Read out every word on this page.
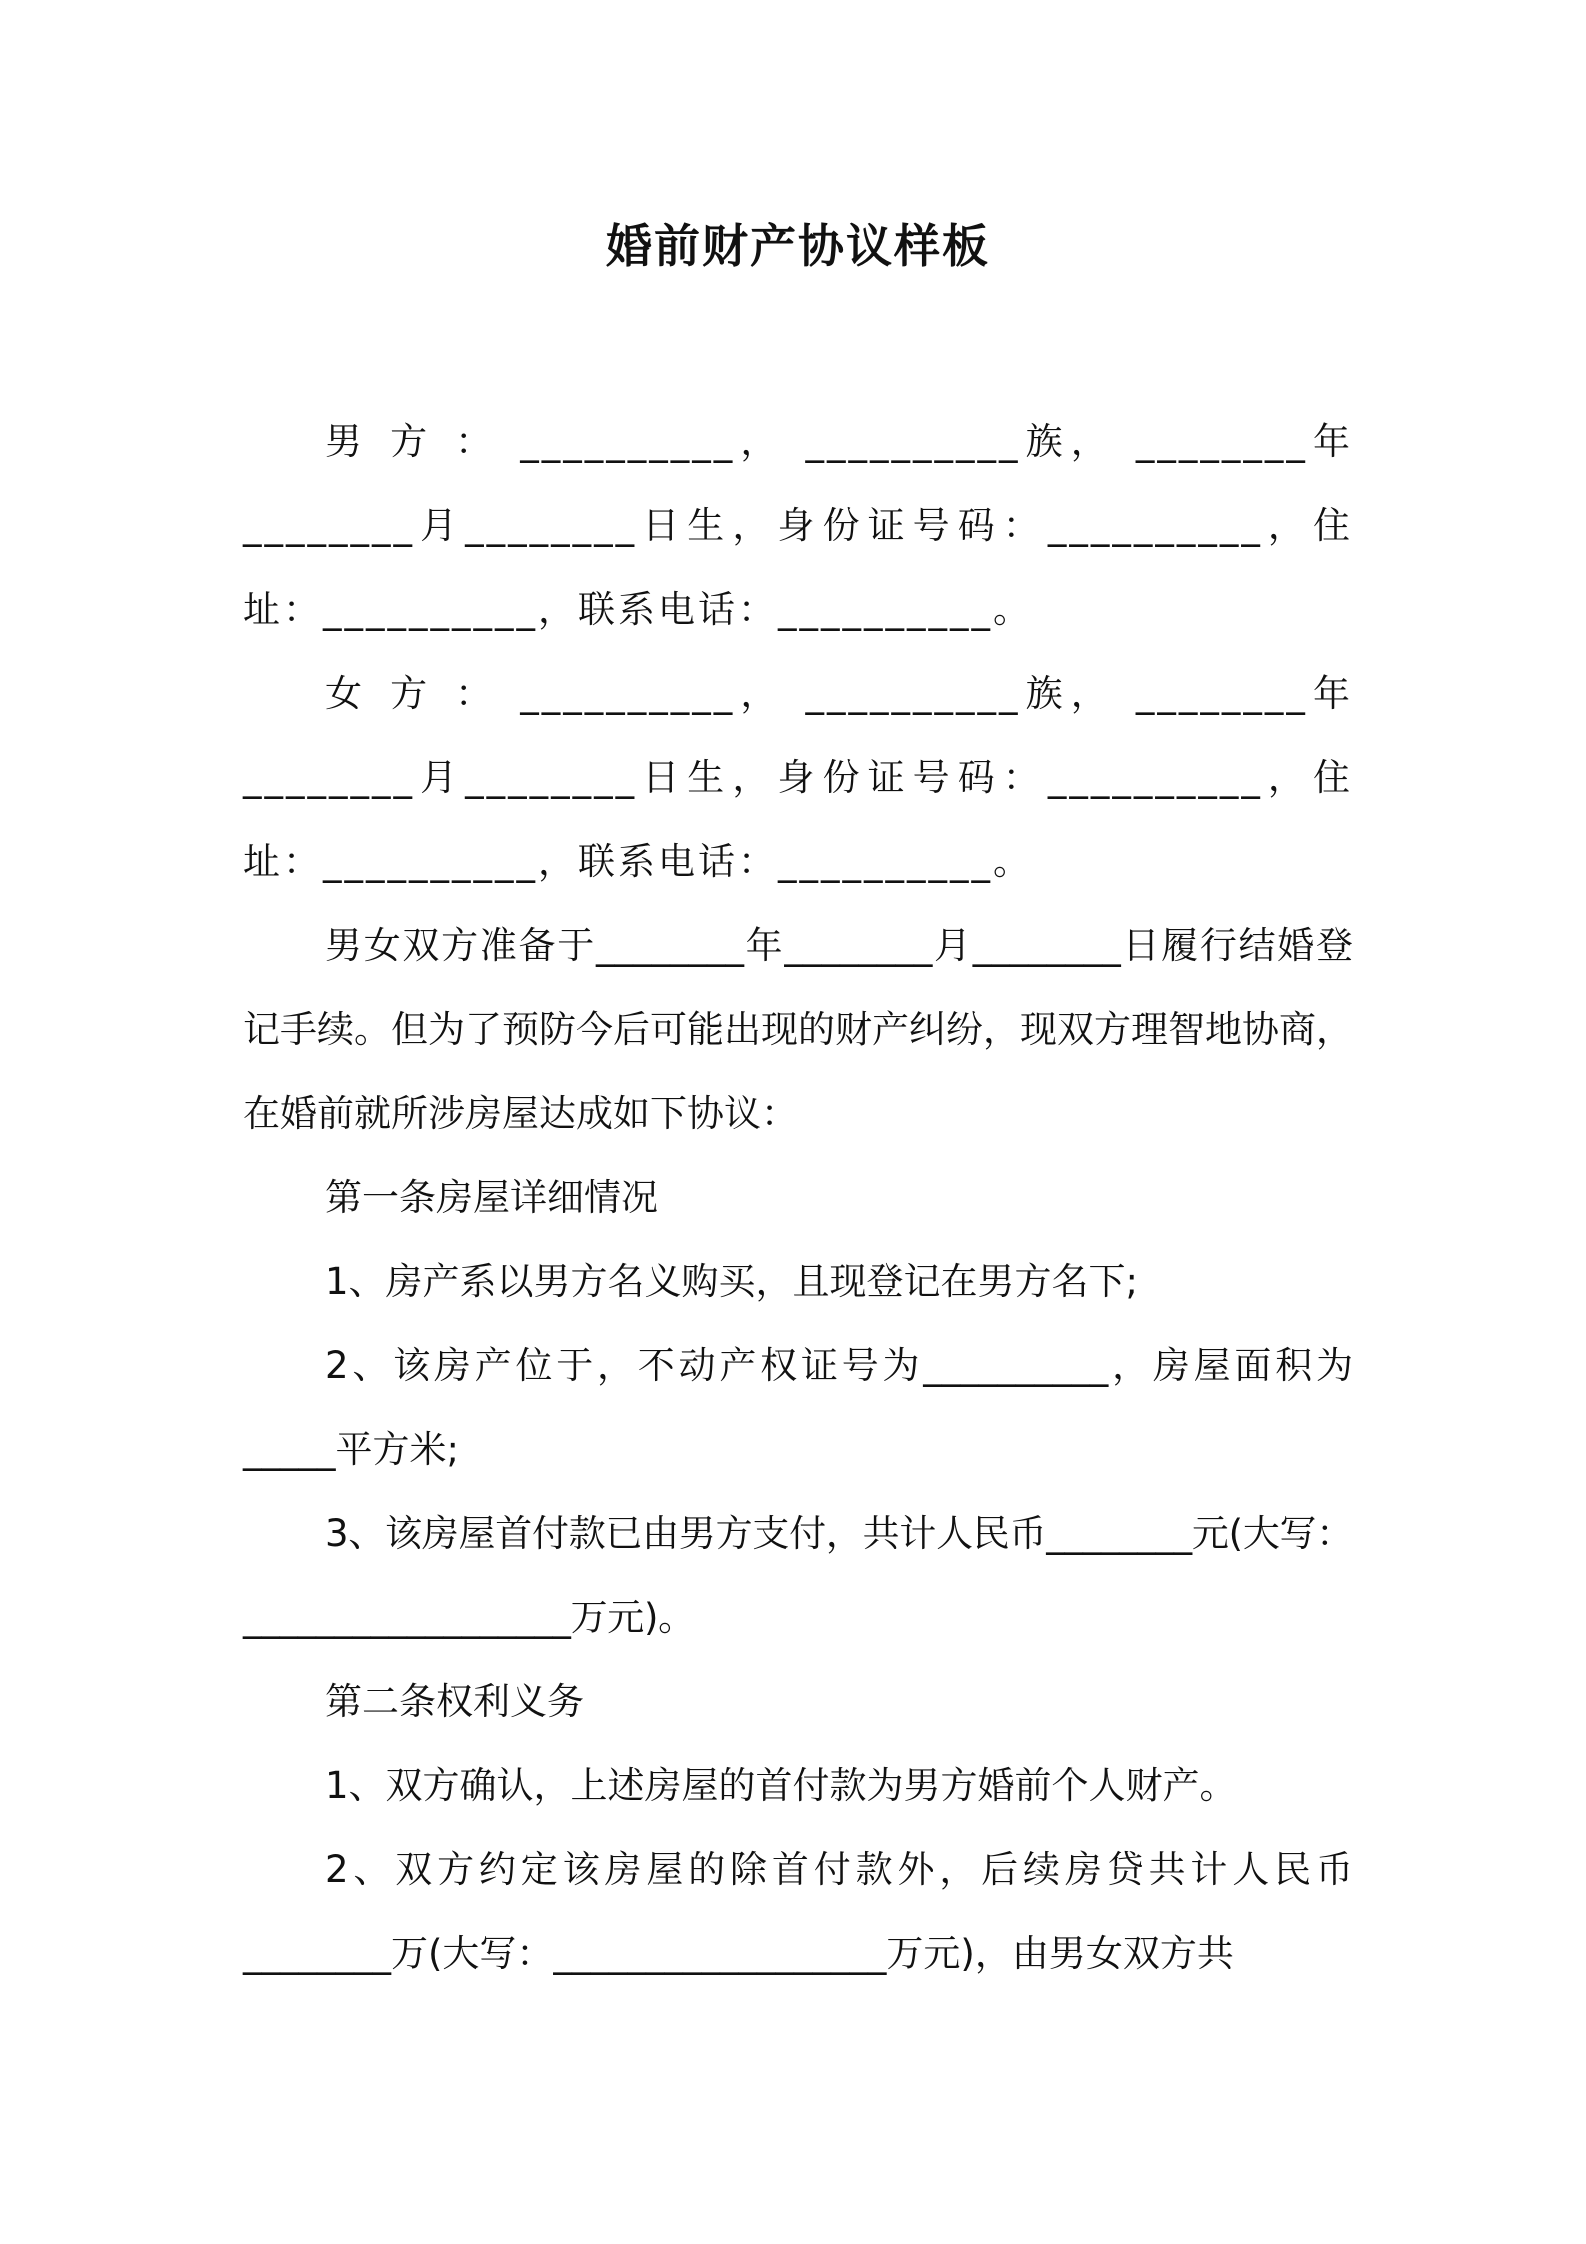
婚前财产协议样板

男 方 ： __________， __________族， ________年________月________日生，身份证号码：__________，住址：__________，联系电话：__________。

女 方 ： __________， __________族， ________年________月________日生，身份证号码：__________，住址：__________，联系电话：__________。

男女双方准备于________年________月________日履行结婚登记手续。但为了预防今后可能出现的财产纠纷，现双方理智地协商，在婚前就所涉房屋达成如下协议：

第一条房屋详细情况

1、房产系以男方名义购买，且现登记在男方名下;

2、该房产位于，不动产权证号为__________，房屋面积为_____平方米;

3、该房屋首付款已由男方支付，共计人民币________元(大写：__________________万元)。

第二条权利义务

1、双方确认，上述房屋的首付款为男方婚前个人财产。

2、双方约定该房屋的除首付款外，后续房贷共计人民币________万(大写：__________________万元)，由男女双方共
